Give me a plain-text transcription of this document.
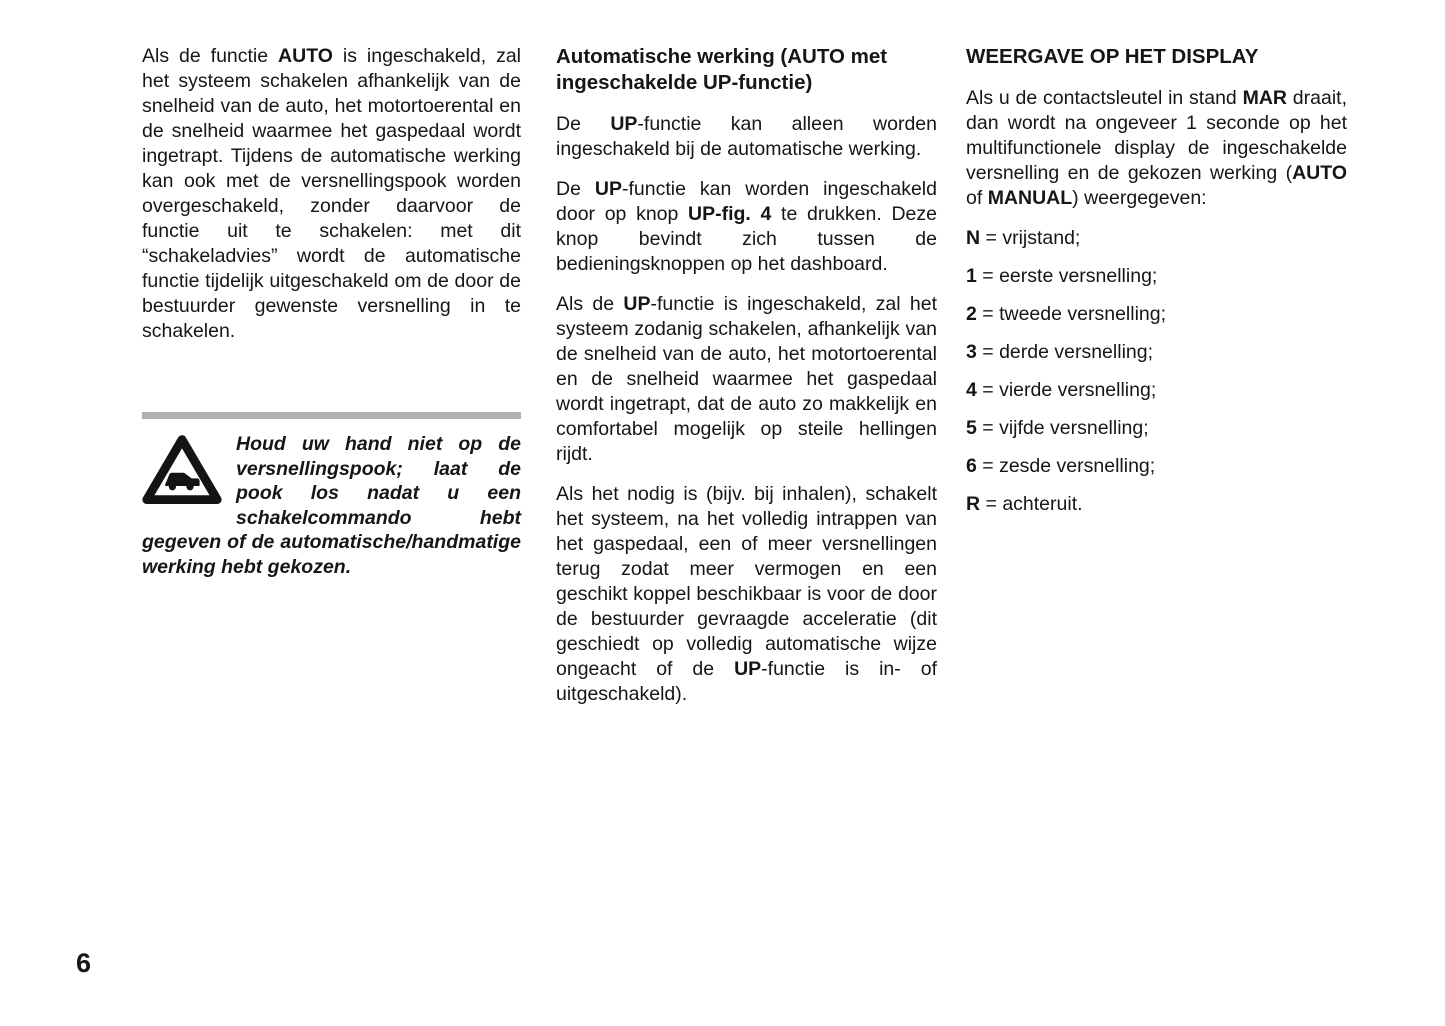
Als de functie AUTO is ingeschakeld, zal het systeem schakelen afhankelijk van de snelheid van de auto, het motortoerental en de snelheid waarmee het gaspedaal wordt ingetrapt. Tijdens de automatische werking kan ook met de versnellingspook worden overgeschakeld, zonder daarvoor de functie uit te schakelen: met dit “schakeladvies” wordt de automatische functie tijdelijk uitgeschakeld om de door de bestuurder gewenste versnelling in te schakelen.

Houd uw hand niet op de versnellingspook; laat de pook los nadat u een schakelcommando hebt gegeven of de automatische/handmatige werking hebt gekozen.
Automatische werking (AUTO met ingeschakelde UP-functie)

De UP-functie kan alleen worden ingeschakeld bij de automatische werking.

De UP-functie kan worden ingeschakeld door op knop UP-fig. 4 te drukken. Deze knop bevindt zich tussen de bedieningsknoppen op het dashboard.

Als de UP-functie is ingeschakeld, zal het systeem zodanig schakelen, afhankelijk van de snelheid van de auto, het motortoerental en de snelheid waarmee het gaspedaal wordt ingetrapt, dat de auto zo makkelijk en comfortabel mogelijk op steile hellingen rijdt.

Als het nodig is (bijv. bij inhalen), schakelt het systeem, na het volledig intrappen van het gaspedaal, een of meer versnellingen terug zodat meer vermogen en een geschikt koppel beschikbaar is voor de door de bestuurder gevraagde acceleratie (dit geschiedt op volledig automatische wijze ongeacht of de UP-functie is in- of uitgeschakeld).

WEERGAVE OP HET DISPLAY

Als u de contactsleutel in stand MAR draait, dan wordt na ongeveer 1 seconde op het multifunctionele display de ingeschakelde versnelling en de gekozen werking (AUTO of MANUAL) weergegeven:

N = vrijstand;
1 = eerste versnelling;
2 = tweede versnelling;
3 = derde versnelling;
4 = vierde versnelling;
5 = vijfde versnelling;
6 = zesde versnelling;
R = achteruit.
6
